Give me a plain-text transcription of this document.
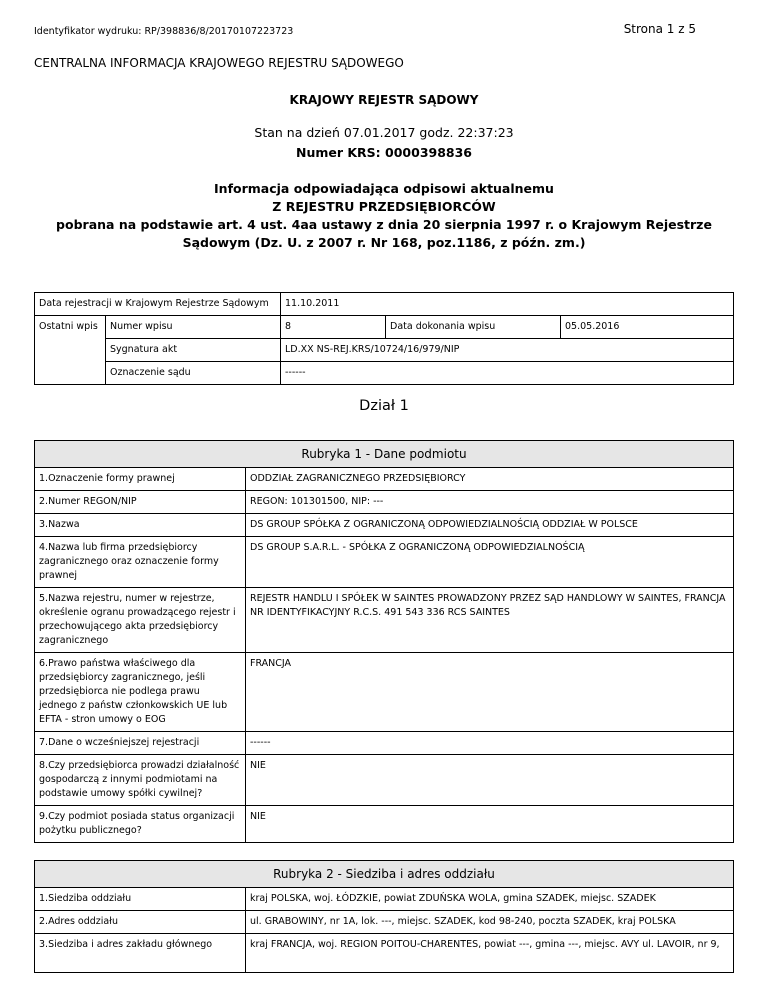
Identyfikator wydruku: RP/398836/8/20170107223723	Strona 1 z 5
CENTRALNA INFORMACJA KRAJOWEGO REJESTRU SĄDOWEGO
KRAJOWY REJESTR SĄDOWY
Stan na dzień 07.01.2017 godz. 22:37:23
Numer KRS: 0000398836
Informacja odpowiadająca odpisowi aktualnemu
Z REJESTRU PRZEDSIĘBIORCÓW
pobrana na podstawie art. 4 ust. 4aa ustawy z dnia 20 sierpnia 1997 r. o Krajowym Rejestrze
Sądowym (Dz. U. z 2007 r. Nr 168, poz.1186, z późn. zm.)
Data rejestracji w Krajowym Rejestrze Sądowym		11.10.2011		
Ostatni wpis	Numer wpisu	8	Data dokonania wpisu	05.05.2016
	Sygnatura akt	LD.XX NS-REJ.KRS/10724/16/979/NIP		
	Oznaczenie sądu	------		
Dział 1
Rubryka 1 - Dane podmiotu	
1.Oznaczenie formy prawnej	ODDZIAŁ ZAGRANICZNEGO PRZEDSIĘBIORCY
2.Numer REGON/NIP	REGON: 101301500, NIP: ---
3.Nazwa	DS GROUP SPÓŁKA Z OGRANICZONĄ ODPOWIEDZIALNOŚCIĄ ODDZIAŁ W POLSCE
4.Nazwa lub firma przedsiębiorcy zagranicznego oraz oznaczenie formy prawnej	DS GROUP S.A.R.L. - SPÓŁKA Z OGRANICZONĄ ODPOWIEDZIALNOŚCIĄ
5.Nazwa rejestru, numer w rejestrze, określenie ogranu prowadzącego rejestr i przechowującego akta przedsiębiorcy zagranicznego	REJESTR HANDLU I SPÓŁEK W SAINTES PROWADZONY PRZEZ SĄD HANDLOWY W SAINTES, FRANCJA NR IDENTYFIKACYJNY R.C.S. 491 543 336 RCS SAINTES
6.Prawo państwa właściwego dla przedsiębiorcy zagranicznego, jeśli przedsiębiorca nie podlega prawu jednego z państw członkowskich UE lub EFTA - stron umowy o EOG	FRANCJA
7.Dane o wcześniejszej rejestracji	------
8.Czy przedsiębiorca prowadzi działalność gospodarczą z innymi podmiotami na podstawie umowy spółki cywilnej?	NIE
9.Czy podmiot posiada status organizacji pożytku publicznego?	NIE
Rubryka 2 - Siedziba i adres oddziału	
1.Siedziba oddziału	kraj POLSKA, woj. ŁÓDZKIE, powiat ZDUŃSKA WOLA, gmina SZADEK, miejsc. SZADEK
2.Adres oddziału	ul. GRABOWINY, nr 1A, lok. ---, miejsc. SZADEK, kod 98-240, poczta SZADEK, kraj POLSKA
3.Siedziba i adres zakładu głównego	kraj FRANCJA, woj. REGION POITOU-CHARENTES, powiat ---, gmina ---, miejsc. AVY ul. LAVOIR, nr 9,
